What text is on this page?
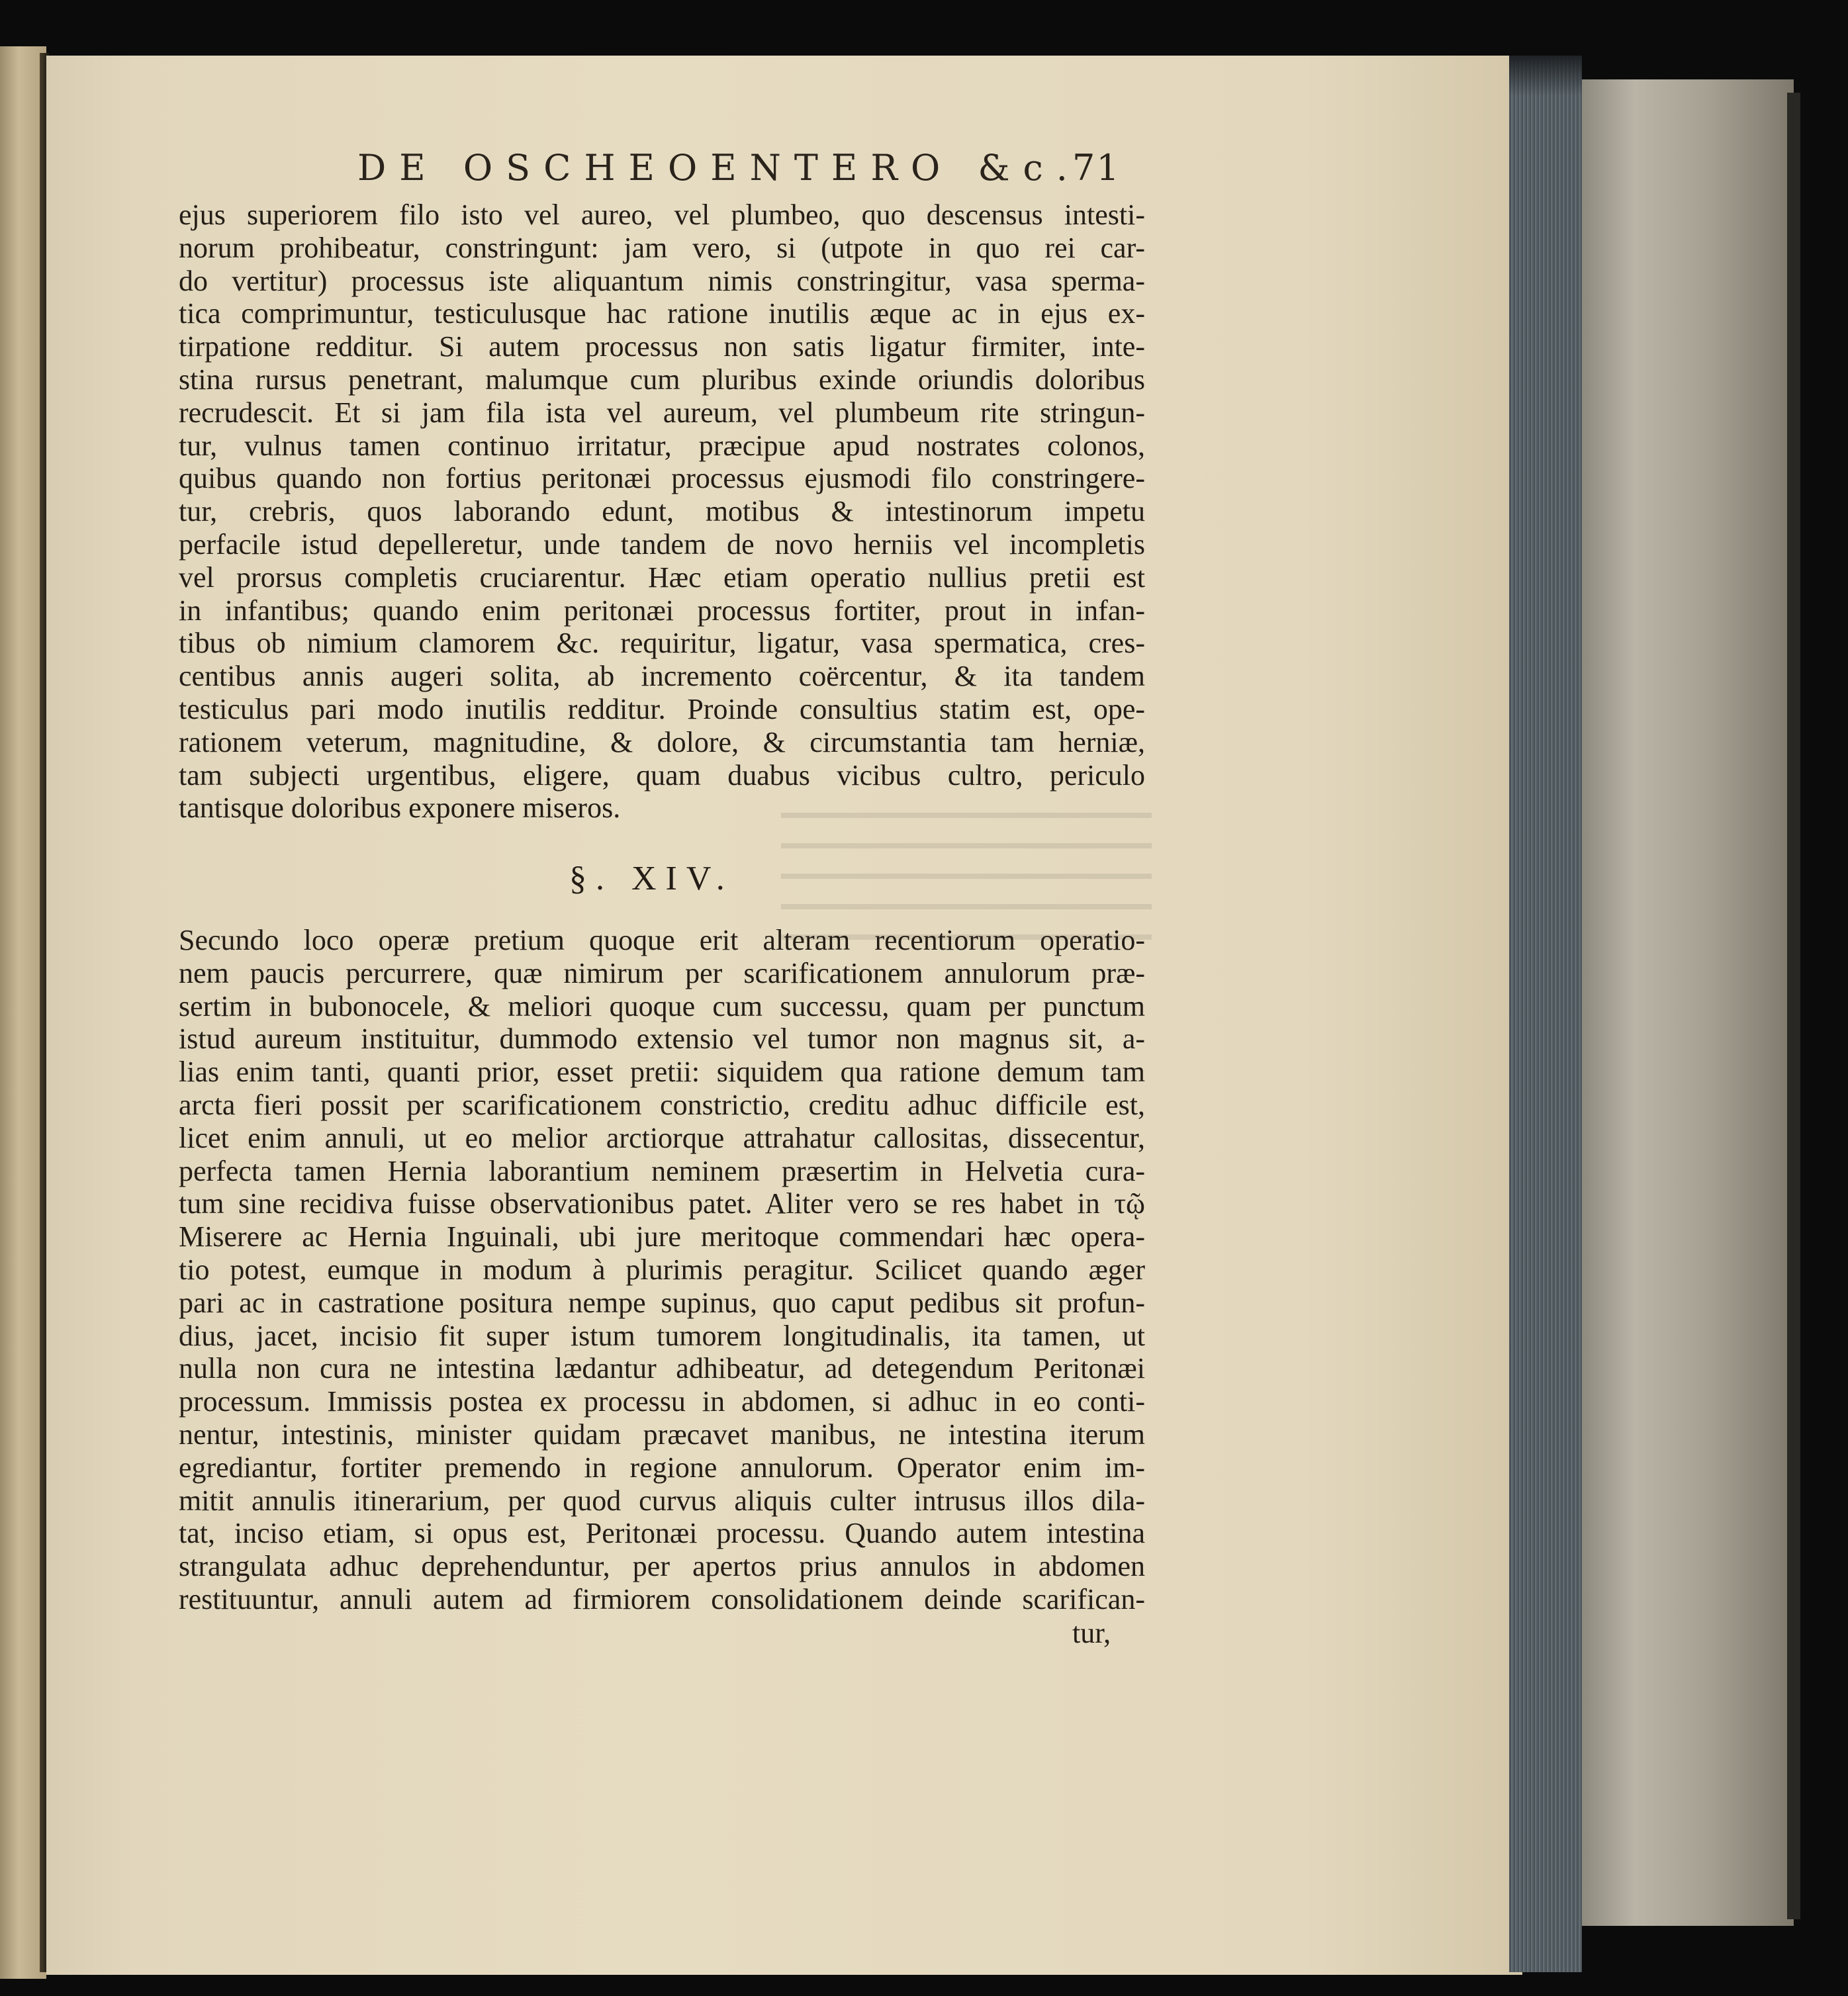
DE OSCHEOENTERO &c.
71
ejus superiorem filo isto vel aureo, vel plumbeo, quo descensus intesti-
norum prohibeatur, constringunt: jam vero, si (utpote in quo rei car-
do vertitur) processus iste aliquantum nimis constringitur, vasa sperma-
tica comprimuntur, testiculusque hac ratione inutilis æque ac in ejus ex-
tirpatione redditur. Si autem processus non satis ligatur firmiter, inte-
stina rursus penetrant, malumque cum pluribus exinde oriundis doloribus
recrudescit. Et si jam fila ista vel aureum, vel plumbeum rite stringun-
tur, vulnus tamen continuo irritatur, præcipue apud nostrates colonos,
quibus quando non fortius peritonæi processus ejusmodi filo constringere-
tur, crebris, quos laborando edunt, motibus & intestinorum impetu
perfacile istud depelleretur, unde tandem de novo herniis vel incompletis
vel prorsus completis cruciarentur. Hæc etiam operatio nullius pretii est
in infantibus; quando enim peritonæi processus fortiter, prout in infan-
tibus ob nimium clamorem &c. requiritur, ligatur, vasa spermatica, cres-
centibus annis augeri solita, ab incremento coërcentur, & ita tandem
testiculus pari modo inutilis redditur. Proinde consultius statim est, ope-
rationem veterum, magnitudine, & dolore, & circumstantia tam herniæ,
tam subjecti urgentibus, eligere, quam duabus vicibus cultro, periculo
tantisque doloribus exponere miseros.
§. XIV.
Secundo loco operæ pretium quoque erit alteram recentiorum operatio-
nem paucis percurrere, quæ nimirum per scarificationem annulorum præ-
sertim in bubonocele, & meliori quoque cum successu, quam per punctum
istud aureum instituitur, dummodo extensio vel tumor non magnus sit, a-
lias enim tanti, quanti prior, esset pretii: siquidem qua ratione demum tam
arcta fieri possit per scarificationem constrictio, creditu adhuc difficile est,
licet enim annuli, ut eo melior arctiorque attrahatur callositas, dissecentur,
perfecta tamen Hernia laborantium neminem præsertim in Helvetia cura-
tum sine recidiva fuisse observationibus patet. Aliter vero se res habet in τῷ
Miserere ac Hernia Inguinali, ubi jure meritoque commendari hæc opera-
tio potest, eumque in modum à plurimis peragitur. Scilicet quando æger
pari ac in castratione positura nempe supinus, quo caput pedibus sit profun-
dius, jacet, incisio fit super istum tumorem longitudinalis, ita tamen, ut
nulla non cura ne intestina lædantur adhibeatur, ad detegendum Peritonæi
processum. Immissis postea ex processu in abdomen, si adhuc in eo conti-
nentur, intestinis, minister quidam præcavet manibus, ne intestina iterum
egrediantur, fortiter premendo in regione annulorum. Operator enim im-
mitit annulis itinerarium, per quod curvus aliquis culter intrusus illos dila-
tat, inciso etiam, si opus est, Peritonæi processu. Quando autem intestina
strangulata adhuc deprehenduntur, per apertos prius annulos in abdomen
restituuntur, annuli autem ad firmiorem consolidationem deinde scarifican-
tur,
